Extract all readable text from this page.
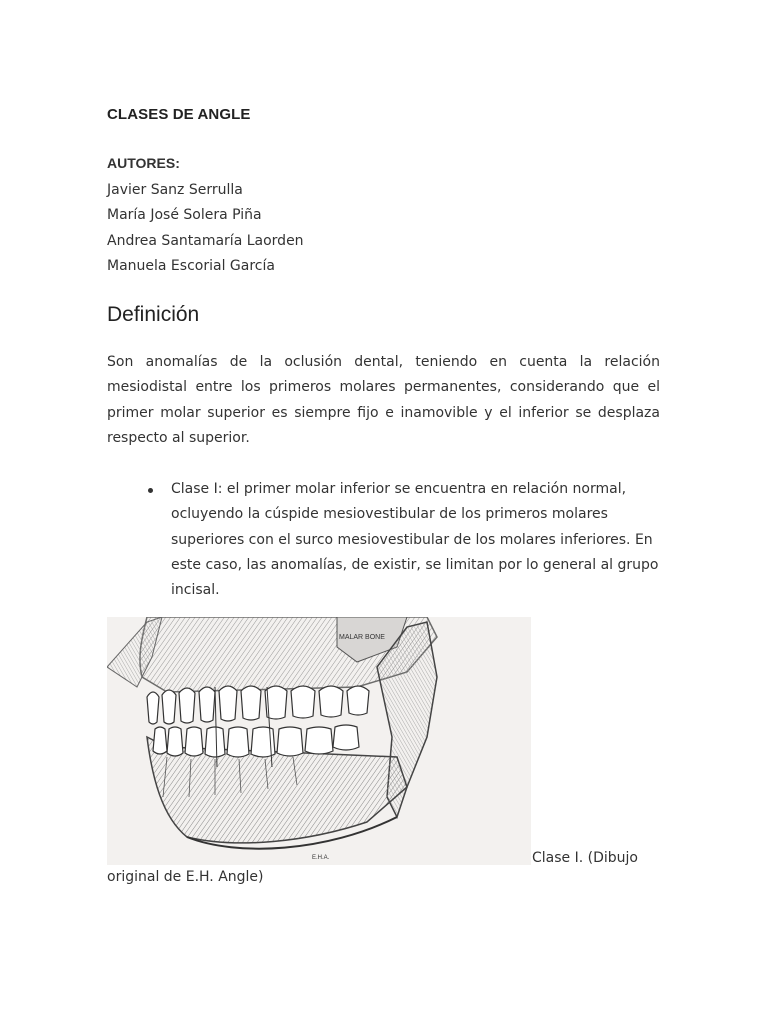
CLASES DE ANGLE
AUTORES:
Javier Sanz Serrulla
María José Solera Piña
Andrea Santamaría Laorden
Manuela Escorial García
Definición
Son anomalías de la oclusión dental, teniendo en cuenta la relación mesiodistal entre los primeros molares permanentes, considerando que el primer molar superior es siempre fijo e inamovible y el inferior se desplaza respecto al superior.
Clase I: el primer molar inferior se encuentra en relación normal, ocluyendo la cúspide mesiovestibular de los primeros molares superiores con el surco mesiovestibular de los molares inferiores. En este caso, las anomalías, de existir, se limitan por lo general al grupo incisal.
MALAR BONE
E.H.A.	Clase I. (Dibujo
original de E.H. Angle)
